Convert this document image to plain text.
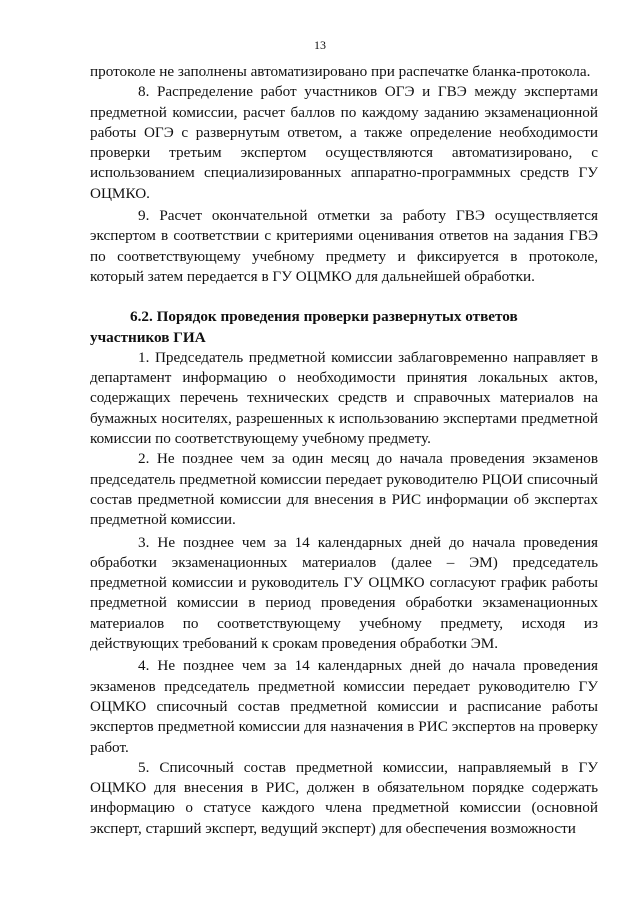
13

протоколе не заполнены автоматизировано при распечатке бланка-протокола.

8. Распределение работ участников ОГЭ и ГВЭ между экспертами предметной комиссии, расчет баллов по каждому заданию экзаменационной работы ОГЭ с развернутым ответом, а также определение необходимости проверки третьим экспертом осуществляются автоматизировано, с использованием специализированных аппаратно-программных средств ГУ ОЦМКО.

9. Расчет окончательной отметки за работу ГВЭ осуществляется экспертом в соответствии с критериями оценивания ответов на задания ГВЭ по соответствующему учебному предмету и фиксируется в протоколе, который затем передается в ГУ ОЦМКО для дальнейшей обработки.

6.2. Порядок проведения проверки развернутых ответов участников ГИА

1. Председатель предметной комиссии заблаговременно направляет в департамент информацию о необходимости принятия локальных актов, содержащих перечень технических средств и справочных материалов на бумажных носителях, разрешенных к использованию экспертами предметной комиссии по соответствующему учебному предмету.

2. Не позднее чем за один месяц до начала проведения экзаменов председатель предметной комиссии передает руководителю РЦОИ списочный состав предметной комиссии для внесения в РИС информации об экспертах предметной комиссии.

3. Не позднее чем за 14 календарных дней до начала проведения обработки экзаменационных материалов (далее – ЭМ) председатель предметной комиссии и руководитель ГУ ОЦМКО согласуют график работы предметной комиссии в период проведения обработки экзаменационных материалов по соответствующему учебному предмету, исходя из действующих требований к срокам проведения обработки ЭМ.

4. Не позднее чем за 14 календарных дней до начала проведения экзаменов председатель предметной комиссии передает руководителю ГУ ОЦМКО списочный состав предметной комиссии и расписание работы экспертов предметной комиссии для назначения в РИС экспертов на проверку работ.

5. Списочный состав предметной комиссии, направляемый в ГУ ОЦМКО для внесения в РИС, должен в обязательном порядке содержать информацию о статусе каждого члена предметной комиссии (основной эксперт, старший эксперт, ведущий эксперт) для обеспечения возможности
